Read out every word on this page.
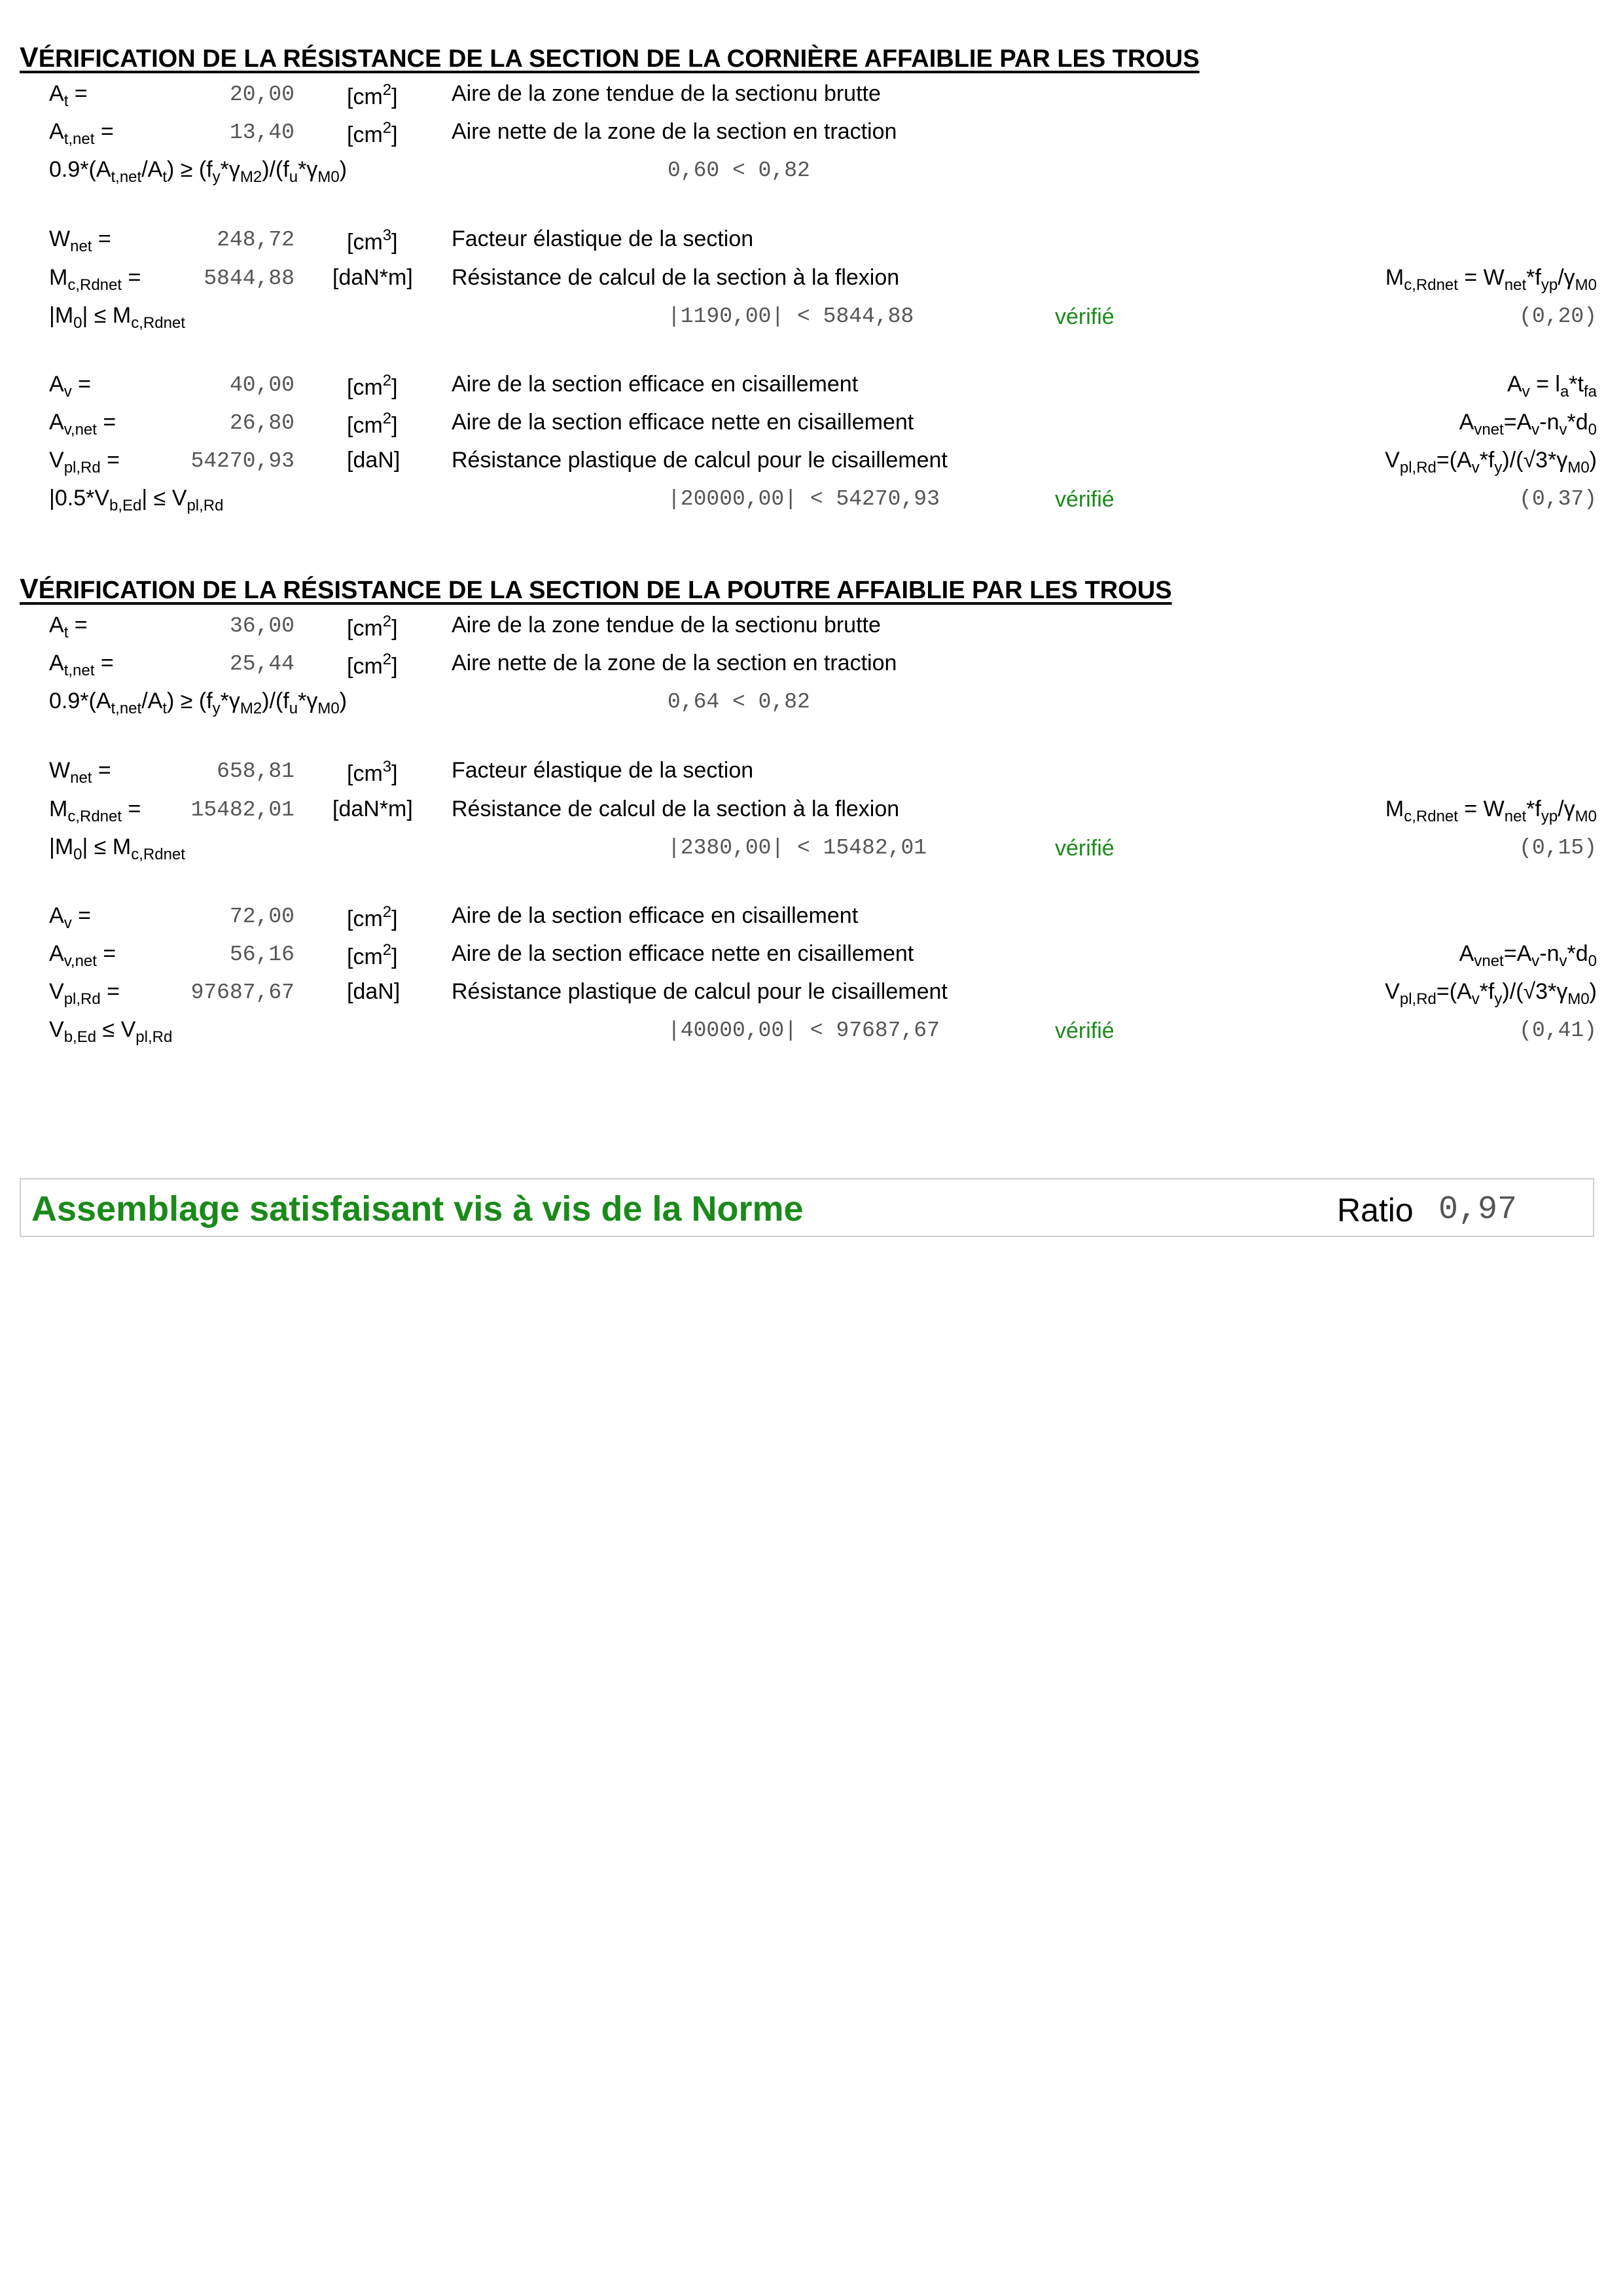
VÉRIFICATION DE LA RÉSISTANCE DE LA SECTION DE LA CORNIÈRE AFFAIBLIE PAR LES TROUS
$A_t$ =	20,00 $[cm^2]$ Aire de la zone tendue de la sectionu brutte
$A_{t,net}$ =	13,40 $[cm^2]$ Aire nette de la zone de la section en traction
$0.9*(A_{t,net}/A_t) \ge (f_y*\gamma_{M2})/(f_u*\gamma_{M0})$	0,60 < 0,82
$W_{net}$ =	248,72 $[cm^3]$ Facteur élastique de la section
$M_{c,Rdnet}$ =	5844,88 [daN*m] Résistance de calcul de la section à la flexion	$M_{c,Rdnet} = W_{net}*f_{yp}/\gamma_{M0}$
$|M_0| \le M_{c,Rdnet}$	|1190,00| < 5844,88	vérifié	(0,20)
$A_v$ =	40,00 $[cm^2]$ Aire de la section efficace en cisaillement	$A_v = l_a*t_{fa}$
$A_{v,net}$ =	26,80 $[cm^2]$ Aire de la section efficace nette en cisaillement	$A_{vnet}=A_v-n_v*d_0$
$V_{pl,Rd}$ =	54270,93 [daN] Résistance plastique de calcul pour le cisaillement	$V_{pl,Rd}=(A_v*f_y)/(√3*\gamma_{M0})$
$|0.5*V_{b,Ed}| \le V_{pl,Rd}$	|20000,00| < 54270,93	vérifié	(0,37)
VÉRIFICATION DE LA RÉSISTANCE DE LA SECTION DE LA POUTRE AFFAIBLIE PAR LES TROUS
$A_t$ =	36,00 $[cm^2]$ Aire de la zone tendue de la sectionu brutte
$A_{t,net}$ =	25,44 $[cm^2]$ Aire nette de la zone de la section en traction
$0.9*(A_{t,net}/A_t) \ge (f_y*\gamma_{M2})/(f_u*\gamma_{M0})$	0,64 < 0,82
$W_{net}$ =	658,81 $[cm^3]$ Facteur élastique de la section
$M_{c,Rdnet}$ =	15482,01 [daN*m] Résistance de calcul de la section à la flexion	$M_{c,Rdnet} = W_{net}*f_{yp}/\gamma_{M0}$
$|M_0| \le M_{c,Rdnet}$	|2380,00| < 15482,01	vérifié	(0,15)
$A_v$ =	72,00 $[cm^2]$ Aire de la section efficace en cisaillement
$A_{v,net}$ =	56,16 $[cm^2]$ Aire de la section efficace nette en cisaillement	$A_{vnet}=A_v-n_v*d_0$
$V_{pl,Rd}$ =	97687,67 [daN] Résistance plastique de calcul pour le cisaillement	$V_{pl,Rd}=(A_v*f_y)/(√3*\gamma_{M0})$
$V_{b,Ed} \le V_{pl,Rd}$	|40000,00| < 97687,67	vérifié	(0,41)
Assemblage satisfaisant vis à vis de la Norme	Ratio 0,97
